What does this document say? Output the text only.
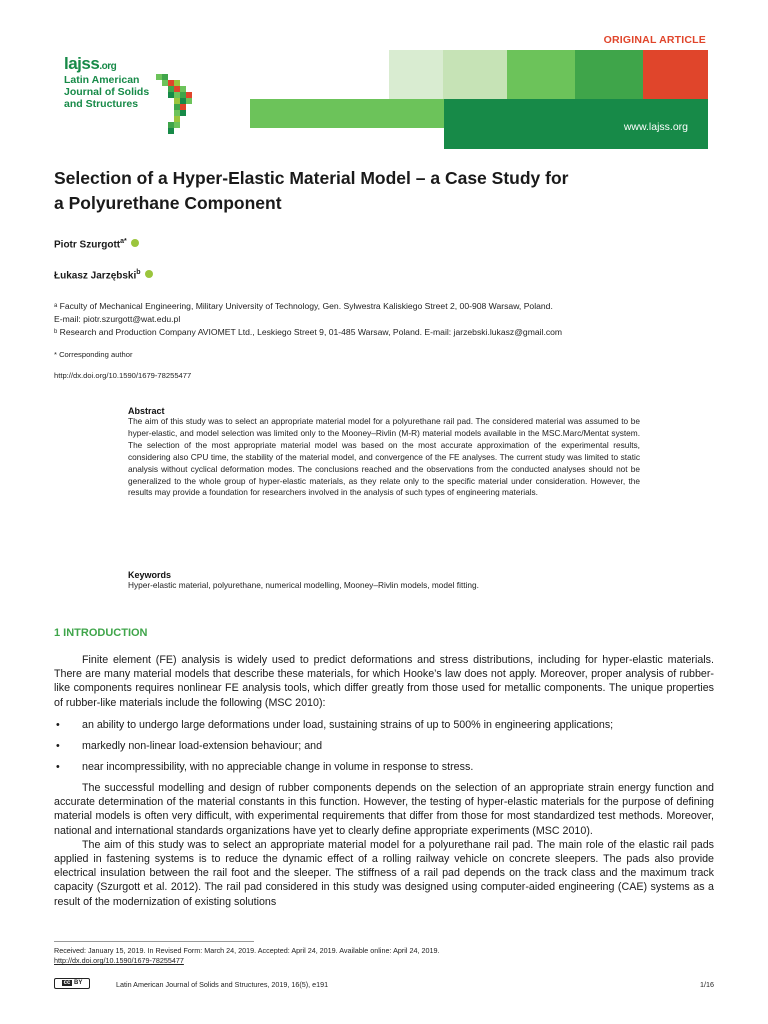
ORIGINAL ARTICLE
www.lajss.org
lajss.org
Latin American
Journal of Solids
and Structures
Selection of a Hyper-Elastic Material Model – a Case Study for
a Polyurethane Component
Piotr Szurgott$^{a*}$
Łukasz Jarzębski$^b$
ᵃ Faculty of Mechanical Engineering, Military University of Technology, Gen. Sylwestra Kaliskiego Street 2, 00-908 Warsaw, Poland.
E-mail: piotr.szurgott@wat.edu.pl
ᵇ Research and Production Company AVIOMET Ltd., Leskiego Street 9, 01-485 Warsaw, Poland. E-mail: jarzebski.lukasz@gmail.com
* Corresponding author
http://dx.doi.org/10.1590/1679-78255477
Abstract
The aim of this study was to select an appropriate material model for a polyurethane rail pad. The considered material was assumed to be hyper-elastic, and model selection was limited only to the Mooney–Rivlin (M-R) material models available in the MSC.Marc/Mentat system. The selection of the most appropriate material model was based on the most accurate approximation of the experimental results, considering also CPU time, the stability of the material model, and convergence of the FE analyses. The current study was limited to static analysis without cyclical deformation modes. The conclusions reached and the observations from the conducted analyses should not be generalized to the whole group of hyper-elastic materials, as they relate only to the specific material under consideration. However, the results may provide a foundation for researchers involved in the analysis of such types of engineering materials.
Keywords
Hyper-elastic material, polyurethane, numerical modelling, Mooney–Rivlin models, model fitting.
1 INTRODUCTION

Finite element (FE) analysis is widely used to predict deformations and stress distributions, including for hyper-elastic materials. There are many material models that describe these materials, for which Hooke’s law does not apply. Moreover, proper analysis of rubber-like components requires nonlinear FE analysis tools, which differ greatly from those used for metallic components. The unique properties of rubber-like materials include the following (MSC 2010):

• an ability to undergo large deformations under load, sustaining strains of up to 500% in engineering applications;
• markedly non-linear load-extension behaviour; and
• near incompressibility, with no appreciable change in volume in response to stress.

The successful modelling and design of rubber components depends on the selection of an appropriate strain energy function and accurate determination of the material constants in this function. However, the testing of hyper-elastic materials for the purpose of defining material models is often very difficult, with experimental requirements that differ from those for most standardized test methods. Moreover, national and international standards organizations have yet to clearly define appropriate experiments (MSC 2010).

The aim of this study was to select an appropriate material model for a polyurethane rail pad. The main role of the elastic rail pads applied in fastening systems is to reduce the dynamic effect of a rolling railway vehicle on concrete sleepers. The pads also provide electrical insulation between the rail foot and the sleeper. The stiffness of a rail pad depends on the track class and the maximum track capacity (Szurgott et al. 2012). The rail pad considered in this study was designed using computer-aided engineering (CAE) systems as a result of the modernization of existing solutions

Received: January 15, 2019. In Revised Form: March 24, 2019. Accepted: April 24, 2019. Available online: April 24, 2019.
http://dx.doi.org/10.1590/1679-78255477
cc BY	Latin American Journal of Solids and Structures, 2019, 16(5), e191	1/16
